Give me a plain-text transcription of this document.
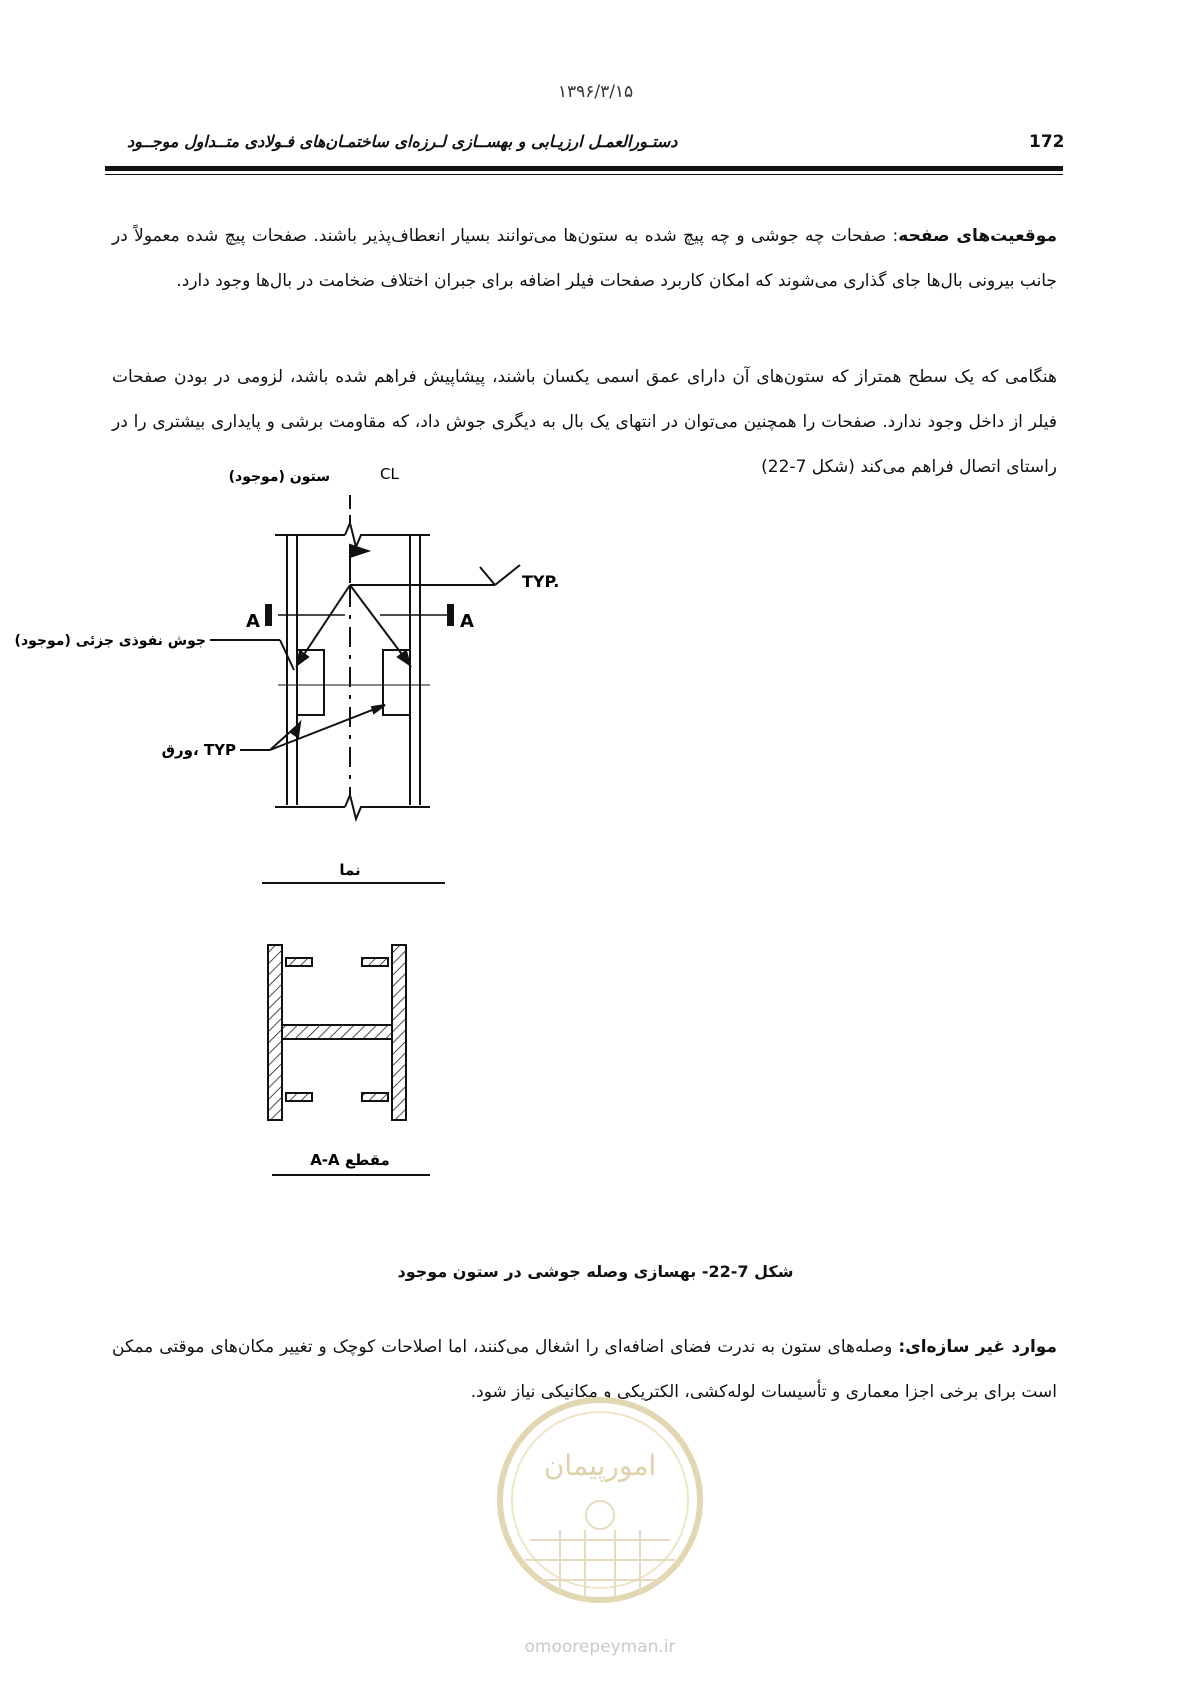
۱۳۹۶/۳/۱۵
دستـورالعمـل ارزیـابی و بهســازی لـرزه‌ای ساختمـان‌های فـولادی متــداول موجــود	172
موقعیت‌های صفحه: صفحات چه جوشی و چه پیچ شده به ستون‌ها می‌توانند بسیار انعطاف‌پذیر باشند. صفحات پیچ شده معمولاً در جانب بیرونی بال‌ها جای گذاری می‌شوند که امکان کاربرد صفحات فیلر اضافه برای جبران اختلاف ضخامت در بال‌ها وجود دارد.
هنگامی که یک سطح همتراز که ستون‌های آن دارای عمق اسمی یکسان باشند، پیشاپیش فراهم شده باشد، لزومی در بودن صفحات فیلر از داخل وجود ندارد. صفحات را همچنین می‌توان در انتهای یک بال به دیگری جوش داد، که مقاومت برشی و پایداری بیشتری را در راستای اتصال فراهم می‌کند (شکل 7-22)
CL
ستون (موجود)
TYP.
A	A
جوش نفوذی جزئی (موجود)
ورق، TYP
نما
مقطع A-A
شکل 7-22- بهسازی وصله جوشی در ستون موجود
موارد غیر سازه‌ای: وصله‌های ستون به ندرت فضای اضافه‌ای را اشغال می‌کنند، اما اصلاحات کوچک و تغییر مکان‌های موقتی ممکن است برای برخی اجزا معماری و تأسیسات لوله‌کشی، الکتریکی و مکانیکی نیاز شود.
امورپیمان
omoorepeyman.ir
